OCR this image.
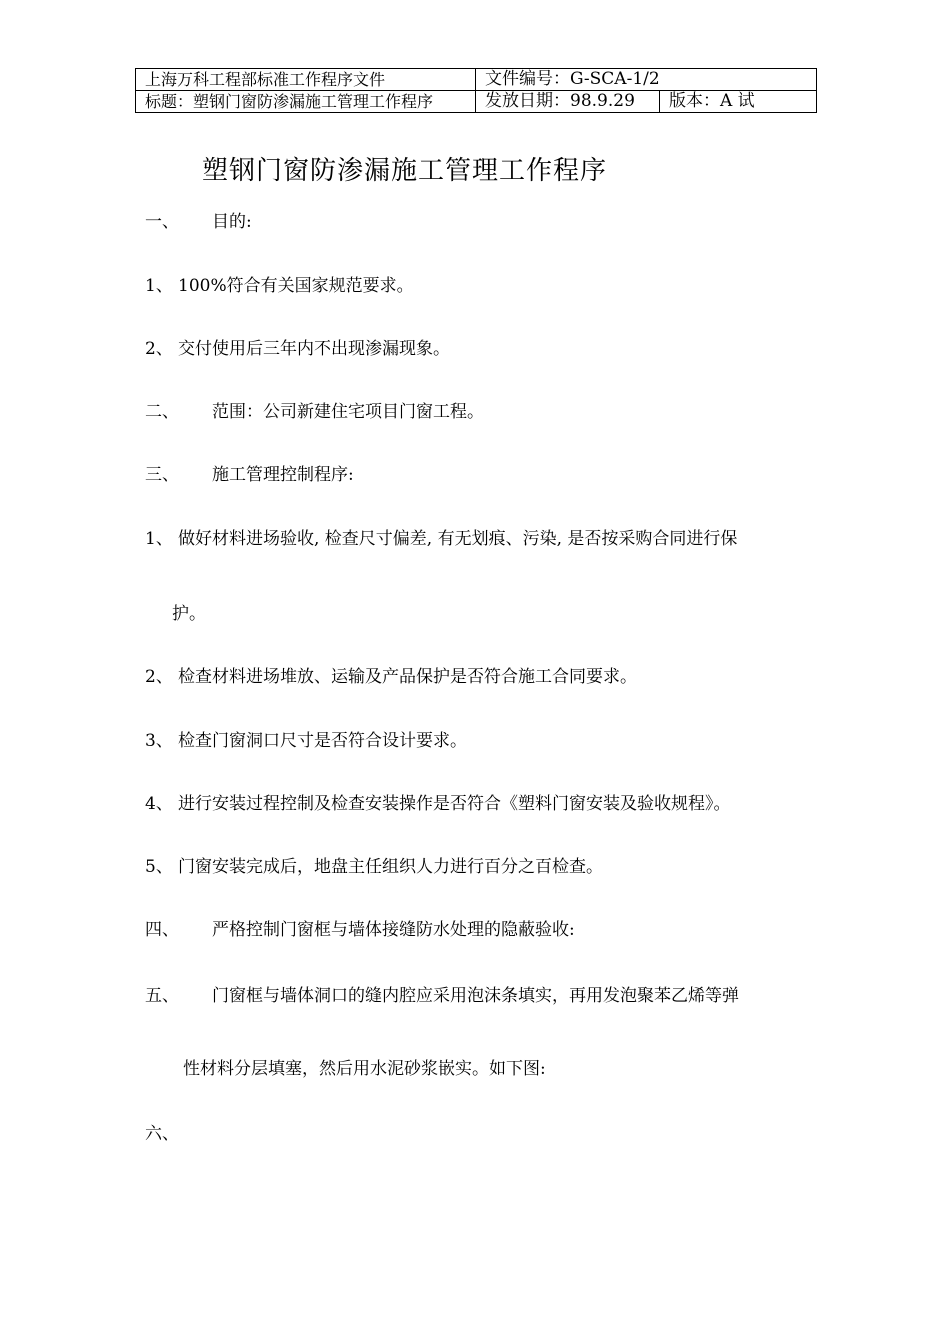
上海万科工程部标准工作程序文件	文件编号：G-SCA-1/2	
标题：塑钢门窗防渗漏施工管理工作程序	发放日期：98.9.29	版本：A 试
塑钢门窗防渗漏施工管理工作程序
一、 目的:
1、 100%符合有关国家规范要求。
2、 交付使用后三年内不出现渗漏现象。
二、 范围：公司新建住宅项目门窗工程。
三、 施工管理控制程序:
1、 做好材料进场验收, 检查尺寸偏差, 有无划痕、污染, 是否按采购合同进行保
护。
2、 检查材料进场堆放、运输及产品保护是否符合施工合同要求。
3、 检查门窗洞口尺寸是否符合设计要求。
4、 进行安装过程控制及检查安装操作是否符合《塑料门窗安装及验收规程》。
5、 门窗安装完成后，地盘主任组织人力进行百分之百检查。
四、 严格控制门窗框与墙体接缝防水处理的隐蔽验收:
五、 门窗框与墙体洞口的缝内腔应采用泡沫条填实，再用发泡聚苯乙烯等弹
性材料分层填塞，然后用水泥砂浆嵌实。如下图:
六、
